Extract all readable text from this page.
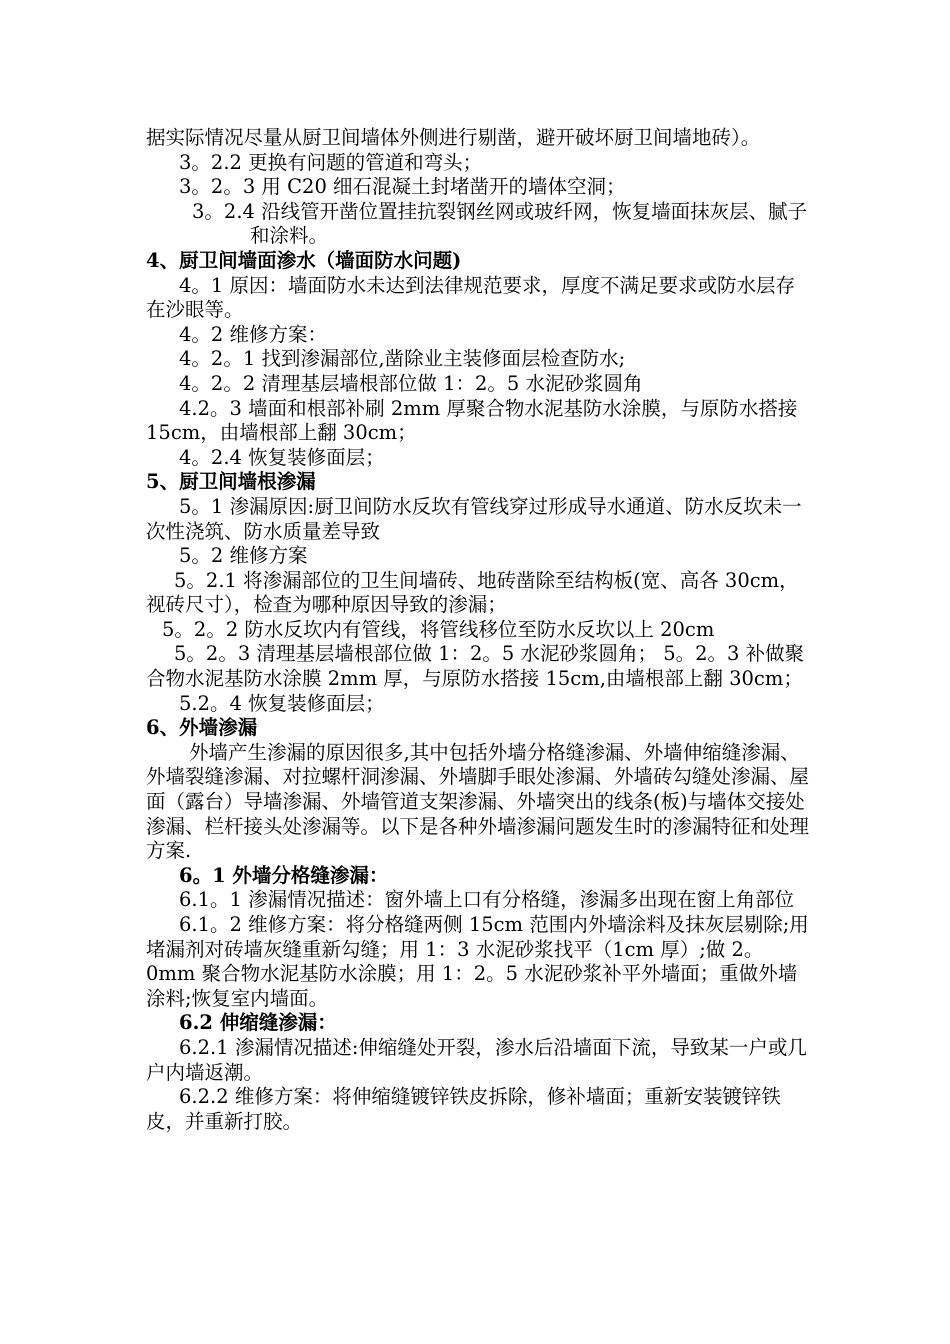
据实际情况尽量从厨卫间墙体外侧进行剔凿，避开破坏厨卫间墙地砖）。

3。2.2 更换有问题的管道和弯头；

3。2。3 用 C20 细石混凝土封堵凿开的墙体空洞；

3。2.4 沿线管开凿位置挂抗裂钢丝网或玻纤网，恢复墙面抹灰层、腻子和涂料。

4、厨卫间墙面渗水（墙面防水问题)

4。1 原因：墙面防水未达到法律规范要求，厚度不满足要求或防水层存在沙眼等。

4。2 维修方案：

4。2。1 找到渗漏部位,凿除业主装修面层检查防水;

4。2。2 清理基层墙根部位做 1：2。5 水泥砂浆圆角

4.2。3 墙面和根部补刷 2mm 厚聚合物水泥基防水涂膜，与原防水搭接 15cm，由墙根部上翻 30cm；

4。2.4 恢复装修面层；

5、厨卫间墙根渗漏

5。1 渗漏原因:厨卫间防水反坎有管线穿过形成导水通道、防水反坎未一次性浇筑、防水质量差导致

5。2 维修方案

5。2.1 将渗漏部位的卫生间墙砖、地砖凿除至结构板(宽、高各 30cm，视砖尺寸），检查为哪种原因导致的渗漏；

5。2。2 防水反坎内有管线，将管线移位至防水反坎以上 20cm

5。2。3 清理基层墙根部位做 1：2。5 水泥砂浆圆角； 5。2。3 补做聚合物水泥基防水涂膜 2mm 厚，与原防水搭接 15cm,由墙根部上翻 30cm；

5.2。4 恢复装修面层；

6、外墙渗漏

外墙产生渗漏的原因很多,其中包括外墙分格缝渗漏、外墙伸缩缝渗漏、外墙裂缝渗漏、对拉螺杆洞渗漏、外墙脚手眼处渗漏、外墙砖勾缝处渗漏、屋面（露台）导墙渗漏、外墙管道支架渗漏、外墙突出的线条(板)与墙体交接处渗漏、栏杆接头处渗漏等。以下是各种外墙渗漏问题发生时的渗漏特征和处理方案.

6。1 外墙分格缝渗漏：

6.1。1 渗漏情况描述：窗外墙上口有分格缝，渗漏多出现在窗上角部位

6.1。2 维修方案：将分格缝两侧 15cm 范围内外墙涂料及抹灰层剔除;用堵漏剂对砖墙灰缝重新勾缝；用 1：3 水泥砂浆找平（1cm 厚）;做 2。0mm 聚合物水泥基防水涂膜；用 1：2。5 水泥砂浆补平外墙面；重做外墙涂料;恢复室内墙面。

6.2 伸缩缝渗漏：

6.2.1 渗漏情况描述:伸缩缝处开裂，渗水后沿墙面下流，导致某一户或几户内墙返潮。

6.2.2 维修方案：将伸缩缝镀锌铁皮拆除，修补墙面；重新安装镀锌铁皮，并重新打胶。
